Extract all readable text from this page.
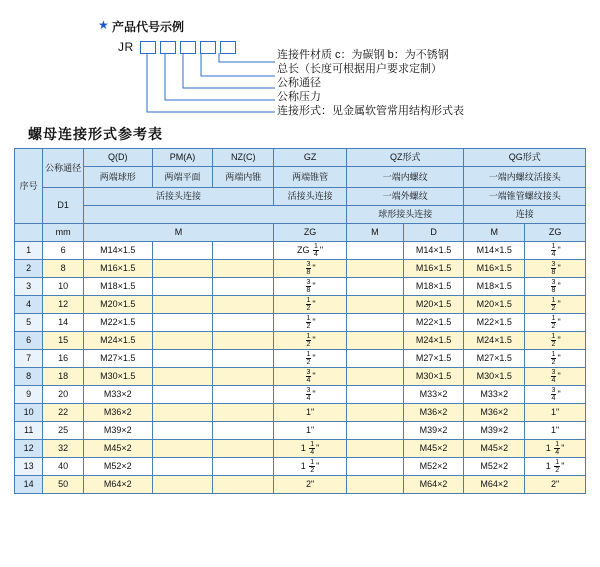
★ 产品代号示例
JR
连接件材质 c：为碳钢 b：为不锈钢
总长（长度可根据用户要求定制）
公称通径
公称压力
连接形式：见金属软管常用结构形式表
螺母连接形式参考表
序号	公称通径	Q(D)	PM(A)	NZ(C)	GZ	QZ形式		QG形式	
		两端球形	两端平面	两端内锥	两端锥管	一端内螺纹		一端内螺纹活接头	
	D1	活接头连接			活接头连接	一端外螺纹		一端锥管螺纹接头	
						球形接头连接		连接	
	mm	M			ZG	M	D	M	ZG
1	6	M14×1.5			ZG $\frac{1}{4}$ "		M14×1.5	M14×1.5	$\frac{1}{4}$ "
2	8	M16×1.5			$\frac{3}{8}$ "		M16×1.5	M16×1.5	$\frac{3}{8}$ "
3	10	M18×1.5			$\frac{3}{8}$ "		M18×1.5	M18×1.5	$\frac{3}{8}$ "
4	12	M20×1.5			$\frac{1}{2}$ "		M20×1.5	M20×1.5	$\frac{1}{2}$ "
5	14	M22×1.5			$\frac{1}{2}$ "		M22×1.5	M22×1.5	$\frac{1}{2}$ "
6	15	M24×1.5			$\frac{1}{2}$ "		M24×1.5	M24×1.5	$\frac{1}{2}$ "
7	16	M27×1.5			$\frac{1}{2}$ "		M27×1.5	M27×1.5	$\frac{1}{2}$ "
8	18	M30×1.5			$\frac{3}{4}$ "		M30×1.5	M30×1.5	$\frac{3}{4}$ "
9	20	M33×2			$\frac{3}{4}$ "		M33×2	M33×2	$\frac{3}{4}$ "
10	22	M36×2			1"		M36×2	M36×2	1"
11	25	M39×2			1"		M39×2	M39×2	1"
12	32	M45×2			$1 \frac{1}{4}$ "		M45×2	M45×2	$1 \frac{1}{4}$ "
13	40	M52×2			$1 \frac{1}{2}$ "		M52×2	M52×2	$1 \frac{1}{2}$ "
14	50	M64×2			2"		M64×2	M64×2	2"
